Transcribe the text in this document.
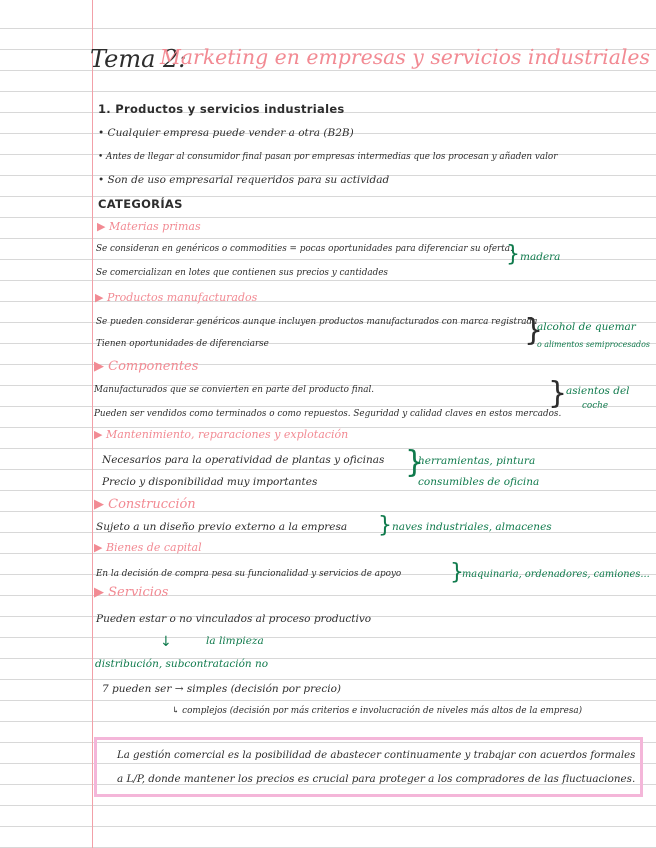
Tema 2:
Marketing en empresas y servicios industriales
1. Productos y servicios industriales
• Cualquier empresa puede vender a otra (B2B)
• Antes de llegar al consumidor final pasan por empresas intermedias que los procesan y añaden valor
• Son de uso empresarial requeridos para su actividad
CATEGORÍAS
▶ Materias primas
Se consideran en genéricos o commodities = pocas oportunidades para diferenciar su oferta.
Se comercializan en lotes que contienen sus precios y cantidades
} madera
▶ Productos manufacturados
Se pueden considerar genéricos aunque incluyen productos manufacturados con marca registrada
Tienen oportunidades de diferenciarse	}
alcohol de quemar
o alimentos semiprocesados
▶ Componentes
Manufacturados que se convierten en parte del producto final.
Pueden ser vendidos como terminados o como repuestos. Seguridad y calidad claves en estos mercados.
}
asientos del
coche
▶ Mantenimiento, reparaciones y explotación
Necesarios para la operatividad de plantas y oficinas
Precio y disponibilidad muy importantes
}
herramientas, pintura
consumibles de oficina
▶ Construcción
Sujeto a un diseño previo externo a la empresa } naves industriales, almacenes
▶ Bienes de capital
En la decisión de compra pesa su funcionalidad y servicios de apoyo }
maquinaria, ordenadores, camiones...
▶ Servicios
Pueden estar o no vinculados al proceso productivo
↓	la limpieza
distribución, subcontratación no
7 pueden ser → simples (decisión por precio)
↳ complejos (decisión por más criterios e involucración de niveles más altos de la empresa)
La gestión comercial es la posibilidad de abastecer continuamente y trabajar con acuerdos formales
a L/P, donde mantener los precios es crucial para proteger a los compradores de las fluctuaciones.
